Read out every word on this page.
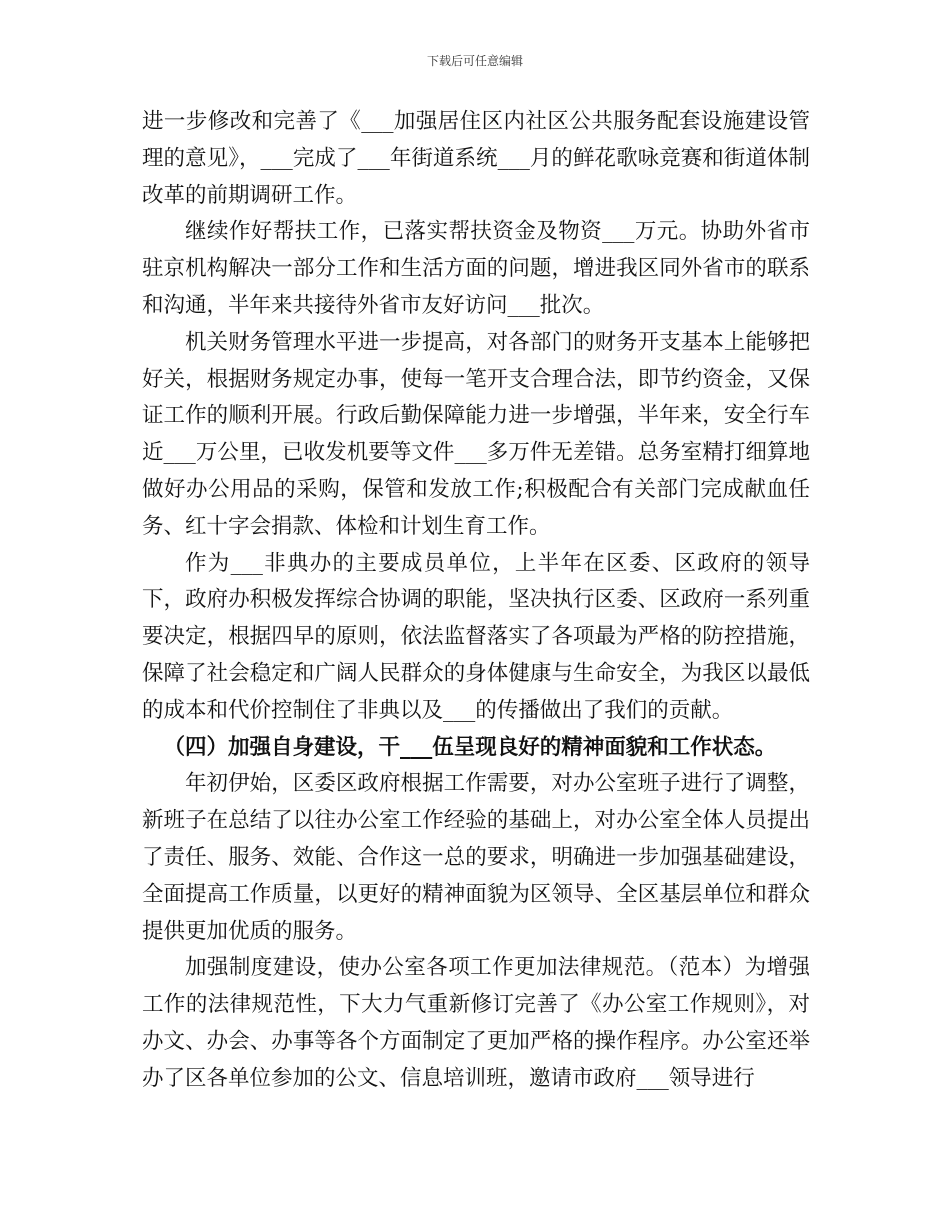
下载后可任意编辑

进一步修改和完善了《___加强居住区内社区公共服务配套设施建设管理的意见》，___完成了___年街道系统___月的鲜花歌咏竞赛和街道体制改革的前期调研工作。

继续作好帮扶工作，已落实帮扶资金及物资___万元。协助外省市驻京机构解决一部分工作和生活方面的问题，增进我区同外省市的联系和沟通，半年来共接待外省市友好访问___批次。

机关财务管理水平进一步提高，对各部门的财务开支基本上能够把好关，根据财务规定办事，使每一笔开支合理合法，即节约资金，又保证工作的顺利开展。行政后勤保障能力进一步增强，半年来，安全行车近___万公里，已收发机要等文件___多万件无差错。总务室精打细算地做好办公用品的采购，保管和发放工作;积极配合有关部门完成献血任务、红十字会捐款、体检和计划生育工作。

作为___非典办的主要成员单位，上半年在区委、区政府的领导下，政府办积极发挥综合协调的职能，坚决执行区委、区政府一系列重要决定，根据四早的原则，依法监督落实了各项最为严格的防控措施，保障了社会稳定和广阔人民群众的身体健康与生命安全，为我区以最低的成本和代价控制住了非典以及___的传播做出了我们的贡献。

（四）加强自身建设，干___伍呈现良好的精神面貌和工作状态。

年初伊始，区委区政府根据工作需要，对办公室班子进行了调整，新班子在总结了以往办公室工作经验的基础上，对办公室全体人员提出了责任、服务、效能、合作这一总的要求，明确进一步加强基础建设，全面提高工作质量，以更好的精神面貌为区领导、全区基层单位和群众提供更加优质的服务。

加强制度建设，使办公室各项工作更加法律规范。（范本）为增强工作的法律规范性，下大力气重新修订完善了《办公室工作规则》，对办文、办会、办事等各个方面制定了更加严格的操作程序。办公室还举办了区各单位参加的公文、信息培训班，邀请市政府___领导进行
